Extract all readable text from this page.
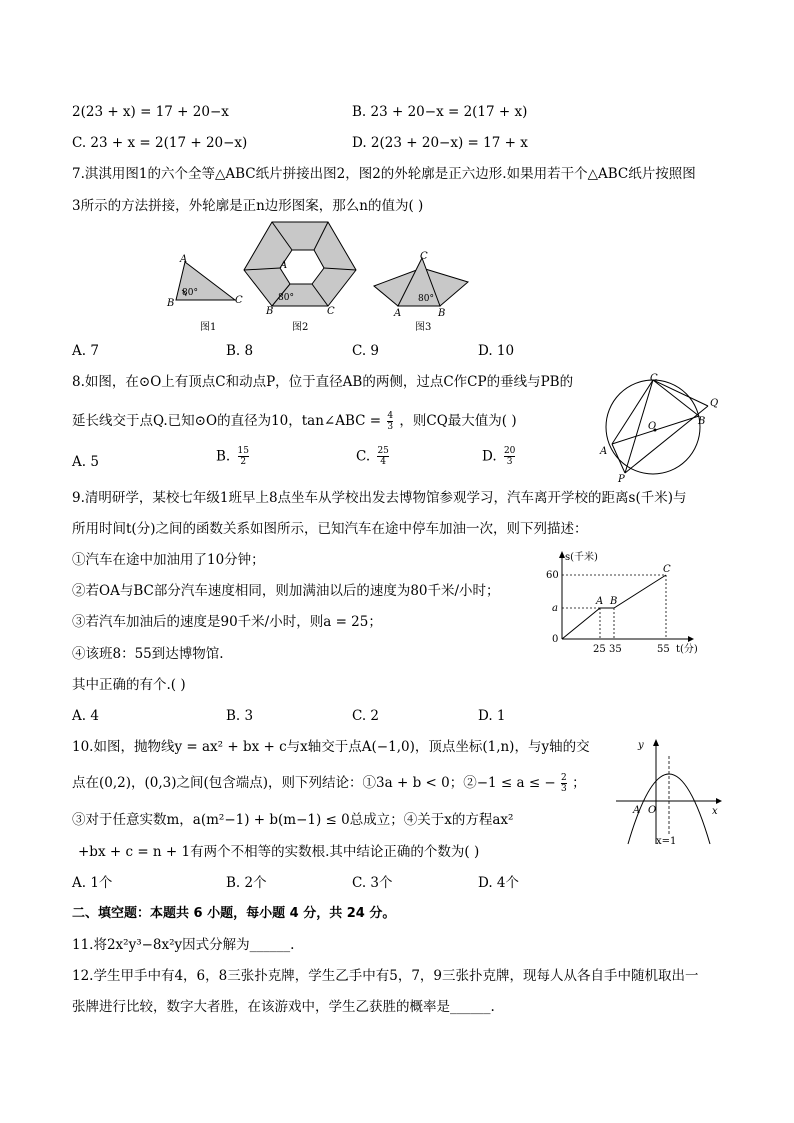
2(23 + x) = 17 + 20−x	B. 23 + 20−x = 2(17 + x)
C. 23 + x = 2(17 + 20−x)	D. 2(23 + 20−x) = 17 + x
7.淇淇用图1的六个全等△ABC纸片拼接出图2，图2的外轮廓是正六边形.如果用若干个△ABC纸片按照图
3所示的方法拼接，外轮廓是正n边形图案，那么n的值为( )
A
B	C
80°
图1
A
B	C
80°
图2
C
A	B
80°
图3
A. 7	B. 8	C. 9	D. 10
8.如图，在⊙O上有顶点C和动点P，位于直径AB的两侧，过点C作CP的垂线与PB的
延长线交于点Q.已知⊙O的直径为10，tan∠ABC = $\frac{4}{3}$ ，则CQ最大值为( )
C
Q
O	B
A
P
A. 5	B. $\frac{15}{2}$	C. $\frac{25}{4}$	D. $\frac{20}{3}$
9.清明研学，某校七年级1班早上8点坐车从学校出发去博物馆参观学习，汽车离开学校的距离s(千米)与
所用时间t(分)之间的函数关系如图所示，已知汽车在途中停车加油一次，则下列描述：
①汽车在途中加油用了10分钟；
②若OA与BC部分汽车速度相同，则加满油以后的速度为80千米/小时；
③若汽车加油后的速度是90千米/小时，则a = 25；
④该班8：55到达博物馆.
其中正确的有个.( )
s(千米)
60
a
0
25 35	55 t(分)
A B
C
A. 4	B. 3	C. 2	D. 1
10.如图，抛物线y = ax² + bx + c与x轴交于点A(−1,0)，顶点坐标(1,n)，与y轴的交
点在(0,2)，(0,3)之间(包含端点)，则下列结论：①3a + b < 0；②−1 ≤ a ≤ − $\frac{2}{3}$ ；
③对于任意实数m，a(m²−1) + b(m−1) ≤ 0总成立；④关于x的方程ax²
+bx + c = n + 1有两个不相等的实数根.其中结论正确的个数为( )
y
x
A O
x=1
A. 1个	B. 2个	C. 3个	D. 4个
二、填空题：本题共 6 小题，每小题 4 分，共 24 分。
11.将2x²y³−8x²y因式分解为______.
12.学生甲手中有4，6，8三张扑克牌，学生乙手中有5，7，9三张扑克牌，现每人从各自手中随机取出一
张牌进行比较，数字大者胜，在该游戏中，学生乙获胜的概率是______.
